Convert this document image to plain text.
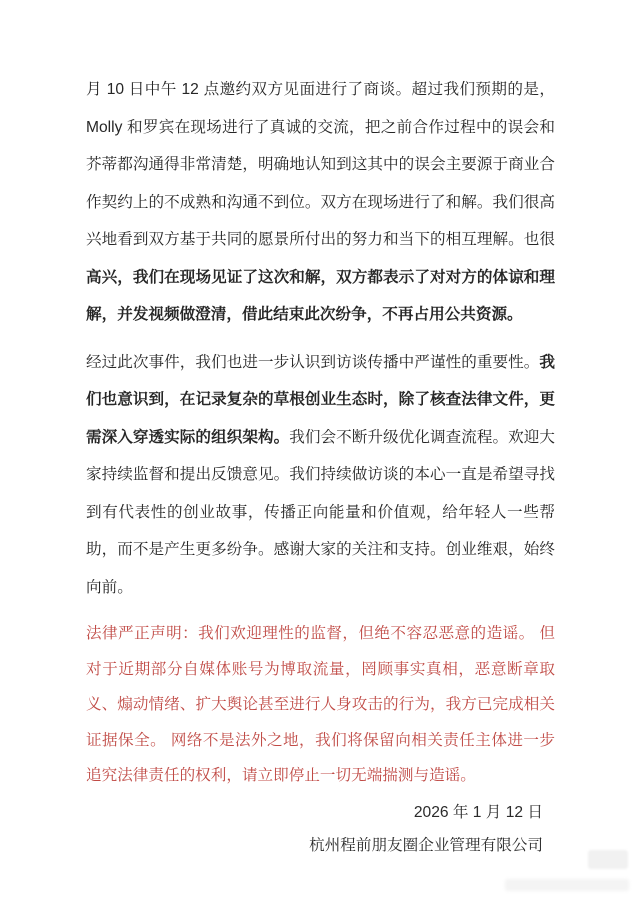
月 10 日中午 12 点邀约双方见面进行了商谈。超过我们预期的是，Molly 和罗宾在现场进行了真诚的交流，把之前合作过程中的误会和芥蒂都沟通得非常清楚，明确地认知到这其中的误会主要源于商业合作契约上的不成熟和沟通不到位。双方在现场进行了和解。我们很高兴地看到双方基于共同的愿景所付出的努力和当下的相互理解。也很高兴，我们在现场见证了这次和解，双方都表示了对对方的体谅和理解，并发视频做澄清，借此结束此次纷争，不再占用公共资源。

经过此次事件，我们也进一步认识到访谈传播中严谨性的重要性。我们也意识到，在记录复杂的草根创业生态时，除了核查法律文件，更需深入穿透实际的组织架构。我们会不断升级优化调查流程。欢迎大家持续监督和提出反馈意见。我们持续做访谈的本心一直是希望寻找到有代表性的创业故事，传播正向能量和价值观，给年轻人一些帮助，而不是产生更多纷争。感谢大家的关注和支持。创业维艰，始终向前。

法律严正声明：我们欢迎理性的监督，但绝不容忍恶意的造谣。 但对于近期部分自媒体账号为博取流量，罔顾事实真相，恶意断章取义、煽动情绪、扩大舆论甚至进行人身攻击的行为，我方已完成相关证据保全。 网络不是法外之地，我们将保留向相关责任主体进一步追究法律责任的权利，请立即停止一切无端揣测与造谣。

2026 年 1 月 12 日
杭州程前朋友圈企业管理有限公司
